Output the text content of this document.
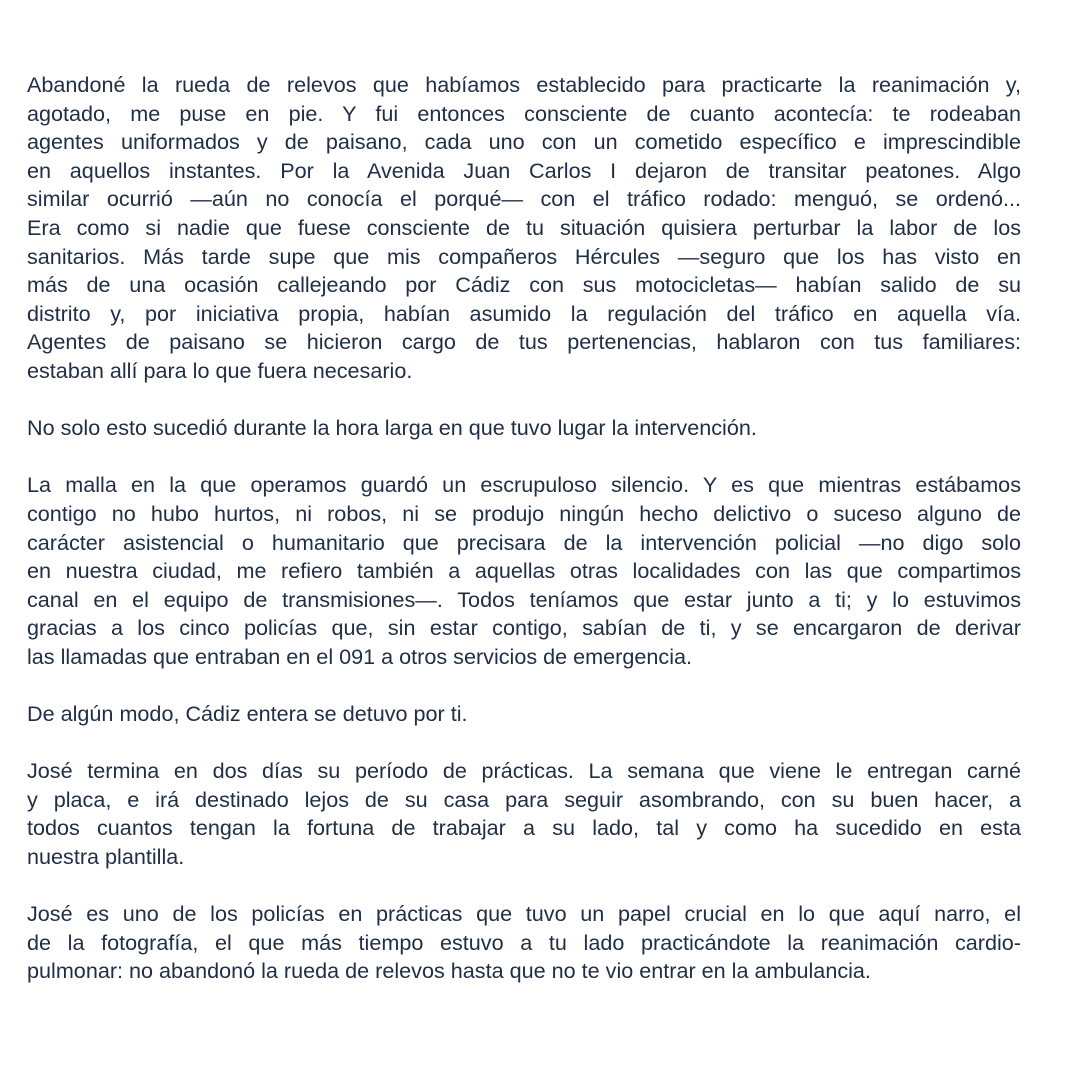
Abandoné la rueda de relevos que habíamos establecido para practicarte la reanimación y,
agotado, me puse en pie. Y fui entonces consciente de cuanto acontecía: te rodeaban
agentes uniformados y de paisano, cada uno con un cometido específico e imprescindible
en aquellos instantes. Por la Avenida Juan Carlos I dejaron de transitar peatones. Algo
similar ocurrió —aún no conocía el porqué— con el tráfico rodado: menguó, se ordenó...
Era como si nadie que fuese consciente de tu situación quisiera perturbar la labor de los
sanitarios. Más tarde supe que mis compañeros Hércules —seguro que los has visto en
más de una ocasión callejeando por Cádiz con sus motocicletas— habían salido de su
distrito y, por iniciativa propia, habían asumido la regulación del tráfico en aquella vía.
Agentes de paisano se hicieron cargo de tus pertenencias, hablaron con tus familiares:
estaban allí para lo que fuera necesario.
No solo esto sucedió durante la hora larga en que tuvo lugar la intervención.
La malla en la que operamos guardó un escrupuloso silencio. Y es que mientras estábamos
contigo no hubo hurtos, ni robos, ni se produjo ningún hecho delictivo o suceso alguno de
carácter asistencial o humanitario que precisara de la intervención policial —no digo solo
en nuestra ciudad, me refiero también a aquellas otras localidades con las que compartimos
canal en el equipo de transmisiones—. Todos teníamos que estar junto a ti; y lo estuvimos
gracias a los cinco policías que, sin estar contigo, sabían de ti, y se encargaron de derivar
las llamadas que entraban en el 091 a otros servicios de emergencia.
De algún modo, Cádiz entera se detuvo por ti.
José termina en dos días su período de prácticas. La semana que viene le entregan carné
y placa, e irá destinado lejos de su casa para seguir asombrando, con su buen hacer, a
todos cuantos tengan la fortuna de trabajar a su lado, tal y como ha sucedido en esta
nuestra plantilla.
José es uno de los policías en prácticas que tuvo un papel crucial en lo que aquí narro, el
de la fotografía, el que más tiempo estuvo a tu lado practicándote la reanimación cardio-
pulmonar: no abandonó la rueda de relevos hasta que no te vio entrar en la ambulancia.
